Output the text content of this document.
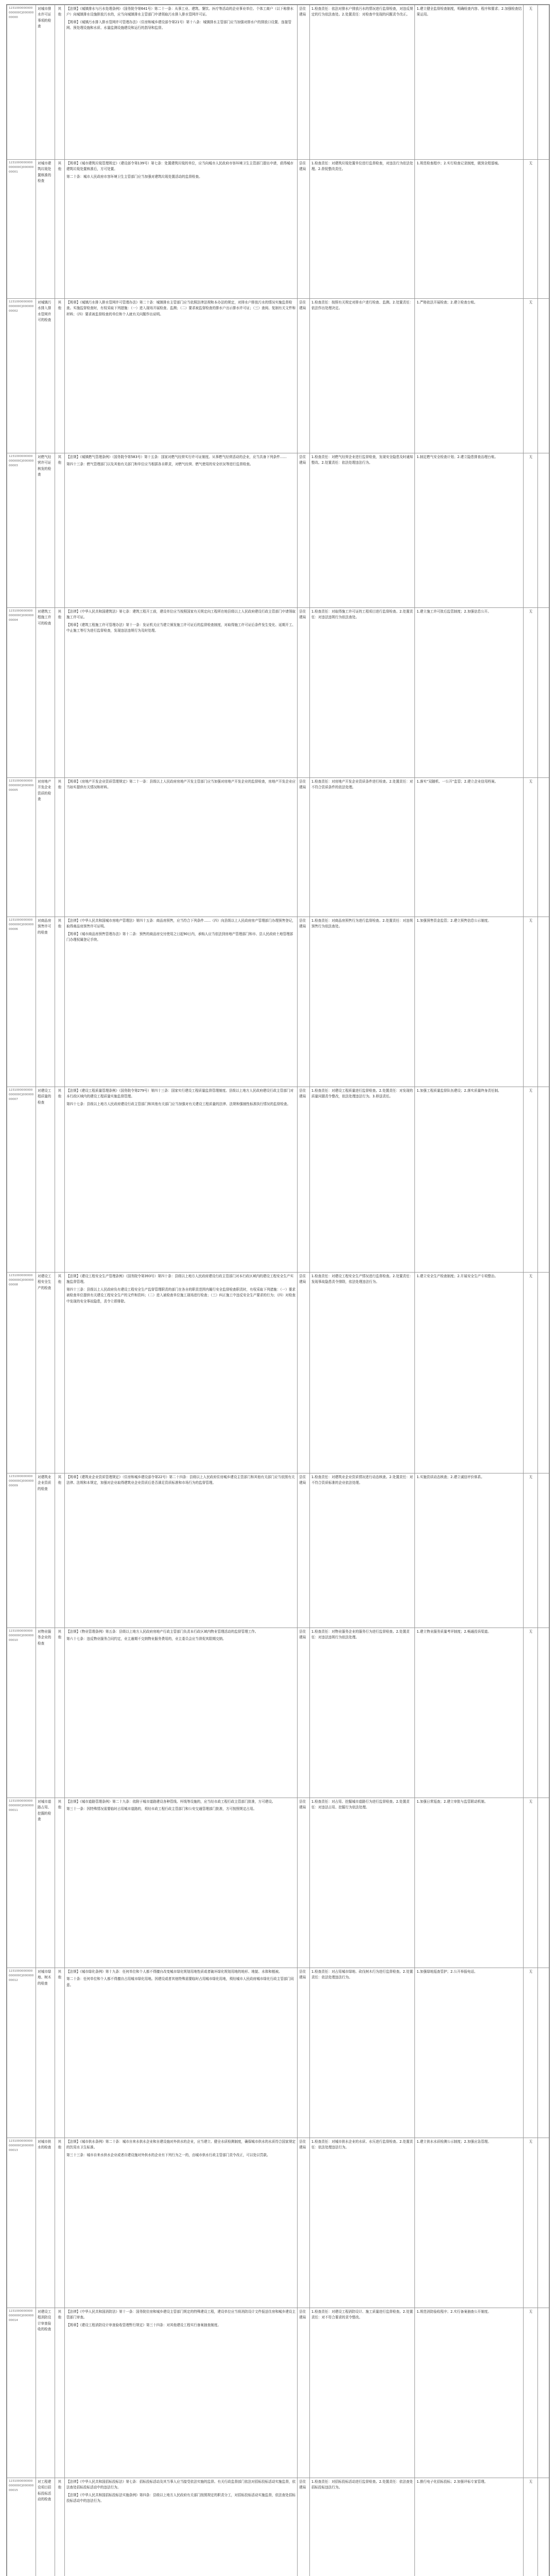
1231000000000000000CJ00000000000	对城市排水许可证事项的检查	其他	【法规】《城镇排水与污水处理条例》（国务院令第641号）第二十一条：从事工业、建筑、餐饮、医疗等活动的企业事业单位、个体工商户（以下称排水户）向城镇排水设施排放污水的，应当向城镇排水主管部门申请领取污水排入排水管网许可证。

【规章】《城镇污水排入排水管网许可管理办法》（住房和城乡建设部令第21号）第十八条：城镇排水主管部门应当加强对排水户的排放口设置、连接管网、预处理设施和水质、水量监测设施建设和运行的指导和监督。	县住建局	1.检查责任：依法对排水户排放污水的情况进行监督检查，对违反规定的行为依法查处。2.处置责任：对检查中发现的问题责令改正。	1.建立健全监督检查制度，明确检查内容、程序和要求；2.加强检查结果运用。	无	
1231000000000000000CJ00000000001	对城市建筑垃圾处置核准的检查	其他	【规章】《城市建筑垃圾管理规定》（建设部令第139号）第七条：处置建筑垃圾的单位，应当向城市人民政府市容环境卫生主管部门提出申请，获得城市建筑垃圾处置核准后，方可处置。

第二十条：城市人民政府市容环境卫生主管部门应当加强对建筑垃圾处置活动的监督检查。	县住建局	1.检查责任：对建筑垃圾处置单位进行监督检查，对违法行为依法处理。2.督促整改责任。	1.规范检查程序；2.实行检查记录制度，做到全程留痕。	无	
1231000000000000000CJ00000000002	对城镇污水排入排水管网许可的检查	其他	【规章】《城镇污水排入排水管网许可管理办法》第二十条：城镇排水主管部门应当依照法律法规和本办法的规定，对排水户排放污水的情况实施监督检查。实施监督检查时，有权采取下列措施：（一）进入现场开展检查、监测；（二）要求被监督检查的排水户出示排水许可证；（三）查阅、复制有关文件和材料；（四）要求被监督检查的单位和个人就有关问题作出说明。	县住建局	1.检查责任：按照有关规定对排水户进行检查、监测。2.处置责任：依法作出处理决定。	1.严格依法开展检查；2.建立检查台账。	无	
1231000000000000000CJ00000000003	对燃气经营许可证核发的检查	其他	【法规】《城镇燃气管理条例》（国务院令第583号）第十五条：国家对燃气经营实行许可证制度。从事燃气经营活动的企业，应当具备下列条件……

第四十三条：燃气管理部门以及其他有关部门和单位应当根据各自职责，对燃气经营、燃气使用的安全状况等进行监督检查。	县住建局	1.检查责任：对燃气经营企业进行监督检查，发现安全隐患及时通知整改。2.处置责任：依法处理违法行为。	1.制定燃气安全检查计划；2.建立隐患排查治理台账。	无	
1231000000000000000CJ00000000004	对建筑工程施工许可的检查	其他	【法律】《中华人民共和国建筑法》第七条：建筑工程开工前，建设单位应当按照国家有关规定向工程所在地县级以上人民政府建设行政主管部门申请领取施工许可证。

【规章】《建筑工程施工许可管理办法》第十一条：发证机关应当建立颁发施工许可证后的监督检查制度，对取得施工许可证后条件发生变化、延期开工、中止施工等行为进行监督检查，发现违法违规行为及时处理。	县住建局	1.检查责任：对取得施工许可证的工程项目进行监督检查。2.处置责任：对违法违规行为依法查处。	1.建立施工许可批后监管制度；2.加强信息公开。	无	
1231000000000000000CJ00000000005	对房地产开发企业资质的检查	其他	【规章】《房地产开发企业资质管理规定》第二十一条：县级以上人民政府房地产开发主管部门应当加强对房地产开发企业的监督检查，房地产开发企业应当如实提供有关情况和材料。	县住建局	1.检查责任：对房地产开发企业资质条件进行检查。2.处置责任：对不符合资质条件的依法处理。	1.落实“双随机、一公开”监管；2.建立企业信用档案。	无	
1231000000000000000CJ00000000006	对商品房预售许可的检查	其他	【法律】《中华人民共和国城市房地产管理法》第四十五条：商品房预售，应当符合下列条件……（四）向县级以上人民政府房产管理部门办理预售登记，取得商品房预售许可证明。

【规章】《城市商品房预售管理办法》第十二条：预售的商品房交付使用之日起90日内，承购人应当依法到房地产管理部门和市、县人民政府土地管理部门办理权属登记手续。	县住建局	1.检查责任：对商品房预售行为进行监督检查。2.处置责任：对违规预售行为依法查处。	1.加强预售资金监管；2.建立预售信息公示制度。	无	
1231000000000000000CJ00000000007	对建设工程质量的检查	其他	【法规】《建设工程质量管理条例》（国务院令第279号）第四十三条：国家实行建设工程质量监督管理制度。县级以上地方人民政府建设行政主管部门对本行政区域内的建设工程质量实施监督管理。

第四十七条：县级以上地方人民政府建设行政主管部门和其他有关部门应当加强对有关建设工程质量的法律、法规和强制性标准执行情况的监督检查。	县住建局	1.检查责任：对建设工程质量进行监督检查。2.处置责任：对发现的质量问题责令整改，依法处理违法行为。3.移送责任。	1.加强工程质量监督队伍建设；2.落实质量终身责任制。	无	
1231000000000000000CJ00000000008	对建设工程安全生产的检查	其他	【法规】《建设工程安全生产管理条例》（国务院令第393号）第四十条：县级以上地方人民政府建设行政主管部门对本行政区域内的建设工程安全生产实施监督管理。

第四十三条：县级以上人民政府负有建设工程安全生产监督管理职责的部门在各自的职责范围内履行安全监督检查职责时，有权采取下列措施：（一）要求被检查单位提供有关建设工程安全生产的文件和资料；（二）进入被检查单位施工现场进行检查；（三）纠正施工中违反安全生产要求的行为；（四）对检查中发现的安全事故隐患，责令立即排除。	县住建局	1.检查责任：对建设工程安全生产情况进行监督检查。2.处置责任：发现事故隐患责令排除，依法处理违法行为。	1.建立安全生产检查制度；2.开展安全生产专项整治。	无	
1231000000000000000CJ00000000009	对建筑业企业资质的检查	其他	【规章】《建筑业企业资质管理规定》（住房和城乡建设部令第22号）第二十四条：县级以上人民政府住房城乡建设主管部门和其他有关部门应当依照有关法律、法规和本规定，加强对企业取得建筑业企业资质后是否满足资质标准和市场行为的监督管理。	县住建局	1.检查责任：对建筑业企业资质情况进行动态核查。2.处置责任：对不符合资质标准的企业依法处理。	1.实施资质动态核查；2.建立诚信评价体系。	无	
1231000000000000000CJ00000000010	对物业服务企业的检查	其他	【法规】《物业管理条例》第五条：县级以上地方人民政府房地产行政主管部门负责本行政区域内物业管理活动的监督管理工作。

第六十七条：违反物业服务合同约定，业主逾期不交纳物业服务费用的，业主委员会应当督促其限期交纳。	县住建局	1.检查责任：对物业服务企业的服务行为进行监督检查。2.处置责任：对违法违规行为依法处理。	1.建立物业服务质量考评制度；2.畅通投诉渠道。	无	
1231000000000000000CJ00000000011	对城市道路占用、挖掘的检查	其他	【法规】《城市道路管理条例》第二十九条：依附于城市道路建设各种管线、杆线等设施的，应当经市政工程行政主管部门批准，方可建设。

第三十一条：因特殊情况需要临时占用城市道路的，须经市政工程行政主管部门和公安交通管理部门批准，方可按照规定占用。	县住建局	1.检查责任：对占用、挖掘城市道路行为进行监督检查。2.处置责任：对违法占用、挖掘行为依法处理。	1.加强日常巡查；2.建立审批与监管联动机制。	无	
1231000000000000000CJ00000000012	对城市绿地、树木的检查	其他	【法规】《城市绿化条例》第十九条：任何单位和个人都不得擅自改变城市绿化规划用地性质或者破坏绿化规划用地的地形、地貌、水体和植被。

第二十条：任何单位和个人都不得擅自占用城市绿化用地。因建设或者其他特殊需要临时占用城市绿化用地，须经城市人民政府城市绿化行政主管部门同意。	县住建局	1.检查责任：对占用城市绿地、砍伐树木行为进行监督检查。2.处置责任：依法处理违法行为。	1.加强绿地巡查管护；2.公开举报电话。	无	
1231000000000000000CJ00000000013	对城市供水的检查	其他	【法规】《城市供水条例》第二十条：城市自来水供水企业和自建设施对外供水的企业，应当建立、健全水质检测制度，确保城市供水的水质符合国家规定的饮用水卫生标准。

第三十三条：城市自来水供水企业或者自建设施对外供水的企业有下列行为之一的，由城市供水行政主管部门责令改正，可以处以罚款。	县住建局	1.检查责任：对城市供水企业的水质、水压进行监督检查。2.处置责任：依法处理违法行为。	1.建立供水水质检测公示制度；2.加强应急管理。	无	
1231000000000000000CJ00000000014	对建设工程消防设计审查验收的检查	其他	【法律】《中华人民共和国消防法》第十一条：国务院住房和城乡建设主管部门规定的特殊建设工程，建设单位应当将消防设计文件报送住房和城乡建设主管部门审查。

【规章】《建设工程消防设计审查验收管理暂行规定》第三十四条：对其他建设工程实行备案抽查制度。	县住建局	1.检查责任：对建设工程消防设计、施工质量进行监督检查。2.处置责任：对不符合要求的责令整改。	1.规范消防验收程序；2.实行备案抽查公开制度。	无	
1231000000000000000CJ00000000015	对工程建设项目招标投标活动的检查	其他	【法律】《中华人民共和国招标投标法》第七条：招标投标活动及其当事人应当接受依法实施的监督。有关行政监督部门依法对招标投标活动实施监督，依法查处招标投标活动中的违法行为。

【法规】《中华人民共和国招标投标法实施条例》第四条：县级以上地方人民政府有关部门按照规定的职责分工，对招标投标活动实施监督，依法查处招标投标活动中的违法行为。	县住建局	1.检查责任：对招标投标活动进行监督检查。2.处置责任：依法查处招标投标违法行为。	1.推行电子化招标投标；2.加强评标专家管理。	无	
